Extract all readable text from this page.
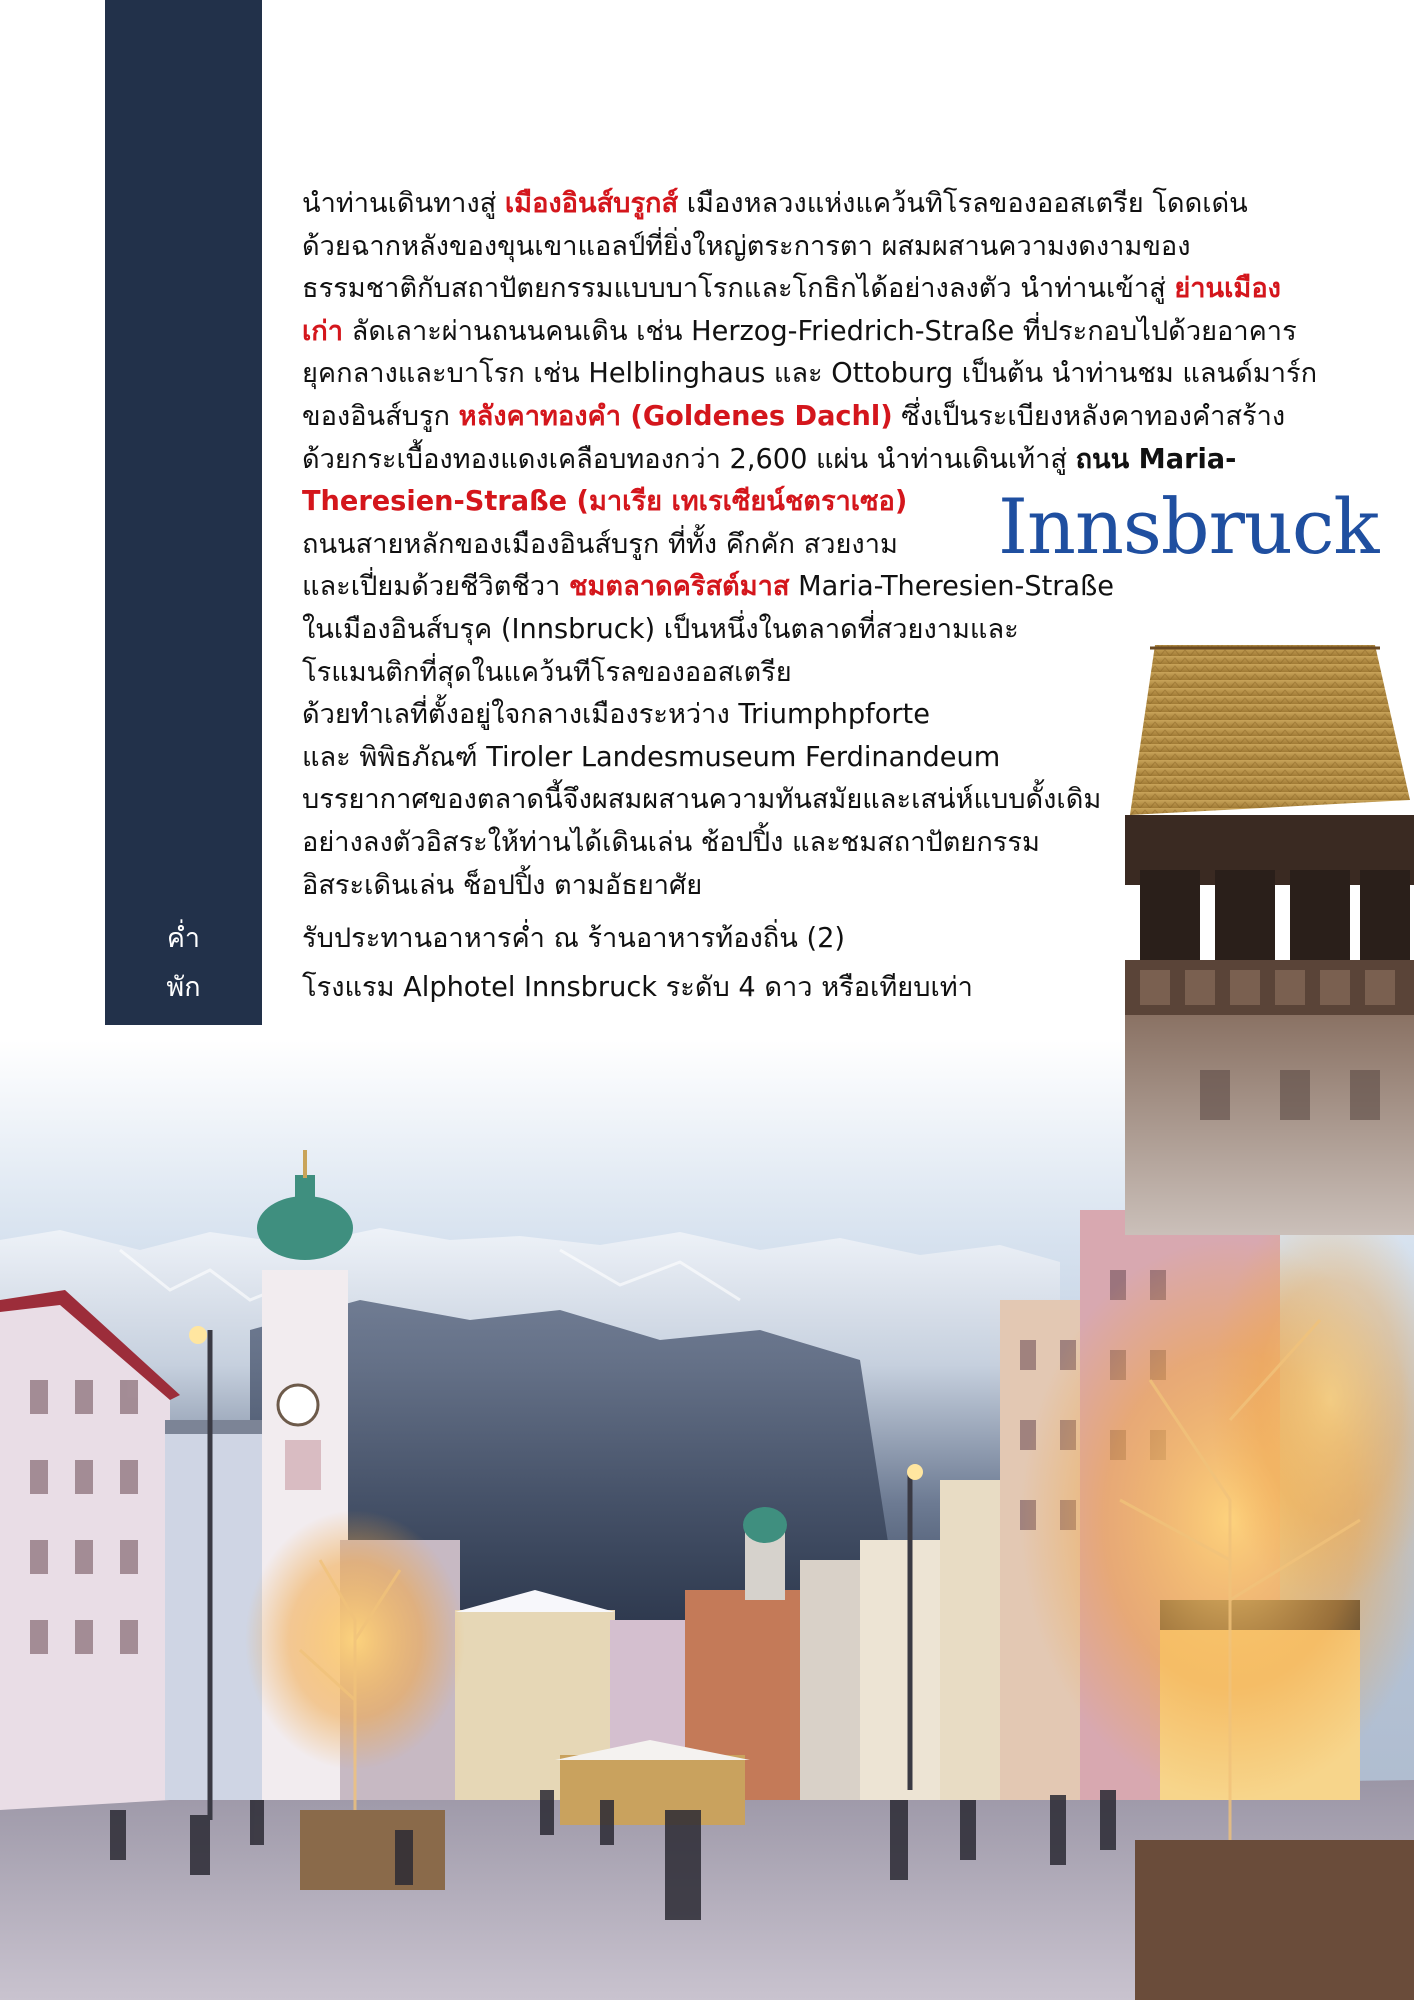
ค่ำ
พัก
นำท่านเดินทางสู่ เมืองอินส์บรูกส์ เมืองหลวงแห่งแคว้นทิโรลของออสเตรีย โดดเด่น
ด้วยฉากหลังของขุนเขาแอลป์ที่ยิ่งใหญ่ตระการตา ผสมผสานความงดงามของ
ธรรมชาติกับสถาปัตยกรรมแบบบาโรกและโกธิกได้อย่างลงตัว นำท่านเข้าสู่ ย่านเมือง
เก่า ลัดเลาะผ่านถนนคนเดิน เช่น Herzog-Friedrich-Straße ที่ประกอบไปด้วยอาคาร
ยุคกลางและบาโรก เช่น Helblinghaus และ Ottoburg เป็นต้น นำท่านชม แลนด์มาร์ก
ของอินส์บรูก หลังคาทองคำ (Goldenes Dachl) ซึ่งเป็นระเบียงหลังคาทองคำสร้าง
ด้วยกระเบื้องทองแดงเคลือบทองกว่า 2,600 แผ่น นำท่านเดินเท้าสู่ ถนน Maria-
Theresien-Straße (มาเรีย เทเรเซียน์ชตราเซอ)
ถนนสายหลักของเมืองอินส์บรูก ที่ทั้ง คึกคัก สวยงาม
และเปี่ยมด้วยชีวิตชีวา ชมตลาดคริสต์มาส Maria-Theresien-Straße
ในเมืองอินส์บรุค (Innsbruck) เป็นหนึ่งในตลาดที่สวยงามและ
โรแมนติกที่สุดในแคว้นทีโรลของออสเตรีย
ด้วยทำเลที่ตั้งอยู่ใจกลางเมืองระหว่าง Triumphpforte
และ พิพิธภัณฑ์ Tiroler Landesmuseum Ferdinandeum
บรรยากาศของตลาดนี้จึงผสมผสานความทันสมัยและเสน่ห์แบบดั้งเดิม
อย่างลงตัวอิสระให้ท่านได้เดินเล่น ช้อปปิ้ง และชมสถาปัตยกรรม
อิสระเดินเล่น ช็อปปิ้ง ตามอัธยาศัย
รับประทานอาหารค่ำ ณ ร้านอาหารท้องถิ่น (2)
โรงแรม Alphotel Innsbruck ระดับ 4 ดาว หรือเทียบเท่า
Innsbruck
